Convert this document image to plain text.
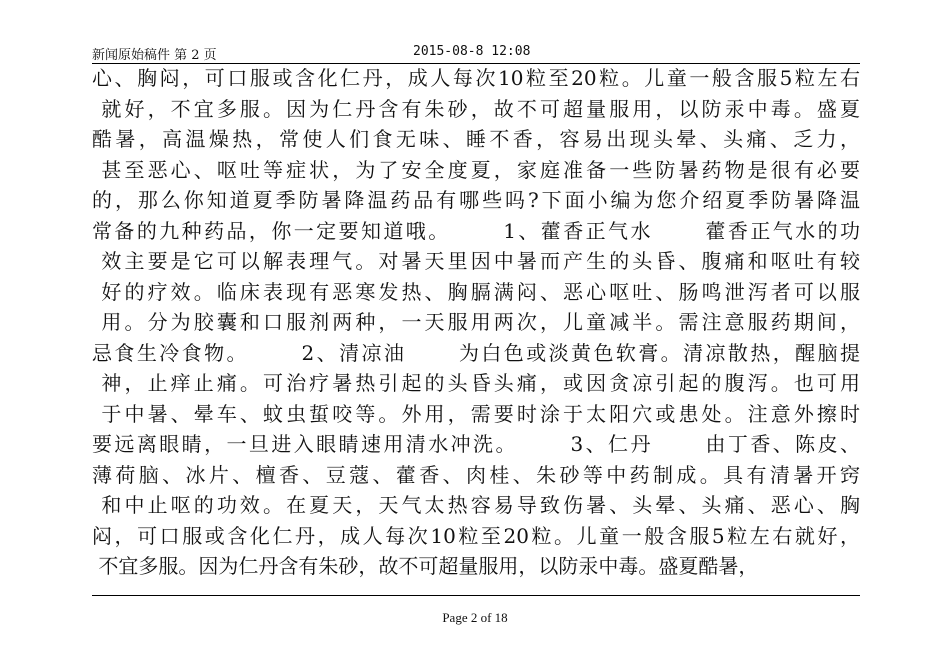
新闻原始稿件 第 2 页	2015-08-8 12:08
心、胸闷，可口服或含化仁丹，成人每次10粒至20粒。儿童一般含服5粒左右
就好，不宜多服。因为仁丹含有朱砂，故不可超量服用，以防汞中毒。盛夏
酷暑，高温燥热，常使人们食无味、睡不香，容易出现头晕、头痛、乏力，
甚至恶心、呕吐等症状，为了安全度夏，家庭准备一些防暑药物是很有必要
的，那么你知道夏季防暑降温药品有哪些吗?下面小编为您介绍夏季防暑降温
常备的九种药品，你一定要知道哦。      1、藿香正气水      藿香正气水的功
效主要是它可以解表理气。对暑天里因中暑而产生的头昏、腹痛和呕吐有较
好的疗效。临床表现有恶寒发热、胸膈满闷、恶心呕吐、肠鸣泄泻者可以服
用。分为胶囊和口服剂两种，一天服用两次，儿童减半。需注意服药期间，
忌食生冷食物。      2、清凉油      为白色或淡黄色软膏。清凉散热，醒脑提
神，止痒止痛。可治疗暑热引起的头昏头痛，或因贪凉引起的腹泻。也可用
于中暑、晕车、蚊虫蜇咬等。外用，需要时涂于太阳穴或患处。注意外擦时
要远离眼睛，一旦进入眼睛速用清水冲洗。      3、仁丹      由丁香、陈皮、
薄荷脑、冰片、檀香、豆蔻、藿香、肉桂、朱砂等中药制成。具有清暑开窍
和中止呕的功效。在夏天，天气太热容易导致伤暑、头晕、头痛、恶心、胸
闷，可口服或含化仁丹，成人每次10粒至20粒。儿童一般含服5粒左右就好，
不宜多服。因为仁丹含有朱砂，故不可超量服用，以防汞中毒。盛夏酷暑，
Page 2 of 18
